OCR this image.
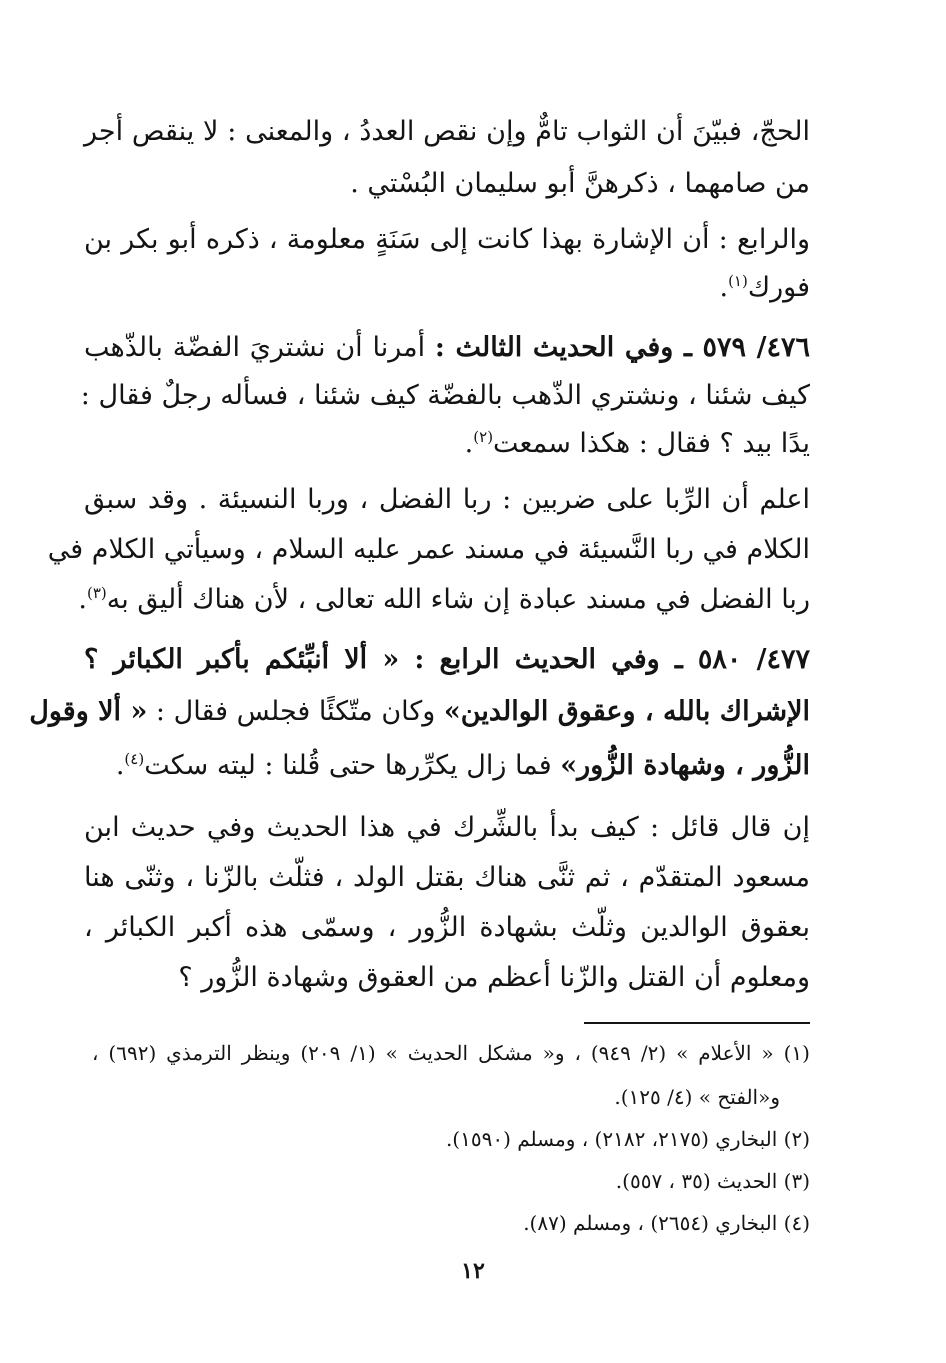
الحجّ، فبيّنَ أن الثواب تامٌّ وإن نقص العددُ ، والمعنى : لا ينقص أجر
من صامهما ، ذكرهنَّ أبو سليمان البُسْتي .
والرابع : أن الإشارة بهذا كانت إلى سَنَةٍ معلومة ، ذكره أبو بكر بن
فورك$^{(١)}$.
٤٧٦/ ٥٧٩ ـ وفي الحديث الثالث : أمرنا أن نشتريَ الفضّة بالذّهب
كيف شئنا ، ونشتري الذّهب بالفضّة كيف شئنا ، فسأله رجلٌ فقال :
يدًا بيد ؟ فقال : هكذا سمعت$^{(٢)}$.
اعلم أن الرِّبا على ضربين : ربا الفضل ، وربا النسيئة . وقد سبق
الكلام في ربا النَّسيئة في مسند عمر عليه السلام ، وسيأتي الكلام في
ربا الفضل في مسند عبادة إن شاء الله تعالى ، لأن هناك أليق به$^{(٣)}$.
٤٧٧/ ٥٨٠ ـ وفي الحديث الرابع : « ألا أنبِّئكم بأكبر الكبائر ؟
الإشراك بالله ، وعقوق الوالدين» وكان متّكئًا فجلس فقال : « ألا وقول
الزُّور ، وشهادة الزُّور» فما زال يكرِّرها حتى قُلنا : ليته سكت$^{(٤)}$.
إن قال قائل : كيف بدأ بالشِّرك في هذا الحديث وفي حديث ابن
مسعود المتقدّم ، ثم ثنَّى هناك بقتل الولد ، فثلّث بالزّنا ، وثنّى هنا
بعقوق الوالدين وثلّث بشهادة الزُّور ، وسمّى هذه أكبر الكبائر ،
ومعلوم أن القتل والزّنا أعظم من العقوق وشهادة الزُّور ؟
(١) « الأعلام » (٢/ ٩٤٩) ، و« مشكل الحديث » (١/ ٢٠٩) وينظر الترمذي (٦٩٢) ،
و«الفتح » (٤/ ١٢٥).
(٢) البخاري (٢١٧٥، ٢١٨٢) ، ومسلم (١٥٩٠).
(٣) الحديث (٣٥ ، ٥٥٧).
(٤) البخاري (٢٦٥٤) ، ومسلم (٨٧).
١٢
